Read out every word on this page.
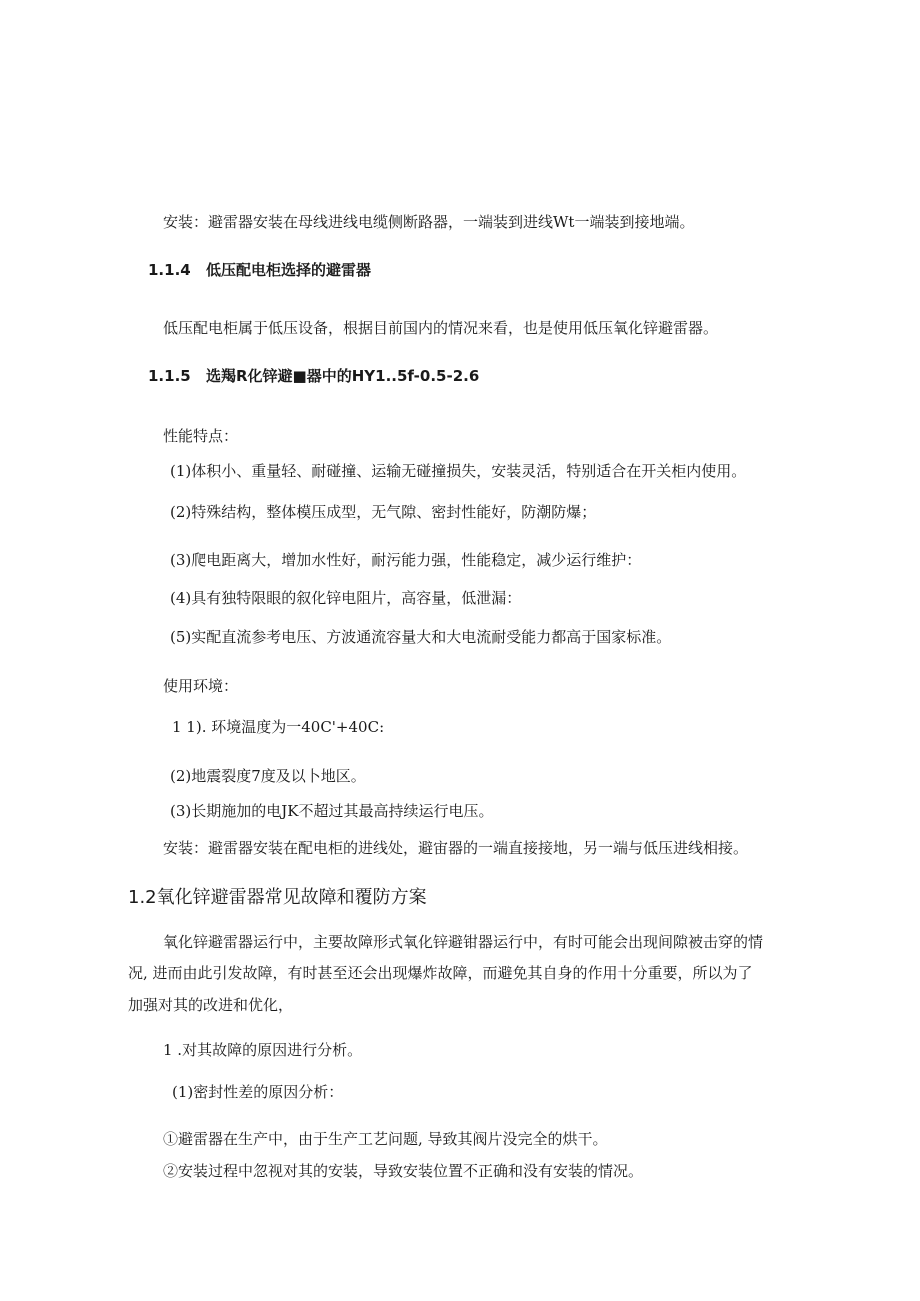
安装：避雷器安装在母线进线电缆侧断路器，一端装到进线Wt一端装到接地端。
1.1.4 低压配电柜选择的避雷器
低压配电柜属于低压设备，根据目前国内的情况来看，也是使用低压氧化锌避雷器。
1.1.5 选羯R化锌避■器中的HY1..5f-0.5-2.6
性能特点：
(1)体积小、重量轻、耐碰撞、运输无碰撞损失，安装灵活，特别适合在开关柜内使用。
(2)特殊结构，整体模压成型，无气隙、密封性能好，防潮防爆；
(3)爬电距离大，增加水性好，耐污能力强，性能稳定，减少运行维护：
(4)具有独特限眼的叙化锌电阻片，高容量，低泄漏：
(5)实配直流参考电压、方波通流容量大和大电流耐受能力都高于国家标准。
使用环境：
1 1). 环境温度为一40C'+40C:
(2)地震裂度7度及以卜地区。
(3)长期施加的电JK不超过其最高持续运行电压。
安装：避雷器安装在配电柜的进线处，避宙器的一端直接接地，另一端与低压进线相接。
1.2氧化锌避雷器常见故障和覆防方案
氧化锌避雷器运行中，主要故障形式氧化锌避钳器运行中，有时可能会出现间隙被击穿的情
况, 进而由此引发故障，有时甚至还会出现爆炸故障，而避免其自身的作用十分重要，所以为了
加强对其的改进和优化，
1 .对其故障的原因进行分析。
(1)密封性差的原因分析：
①避雷器在生产中，由于生产工艺问题, 导致其阀片没完全的烘干。
②安装过程中忽视对其的安装，导致安装位置不正确和没有安装的情况。
